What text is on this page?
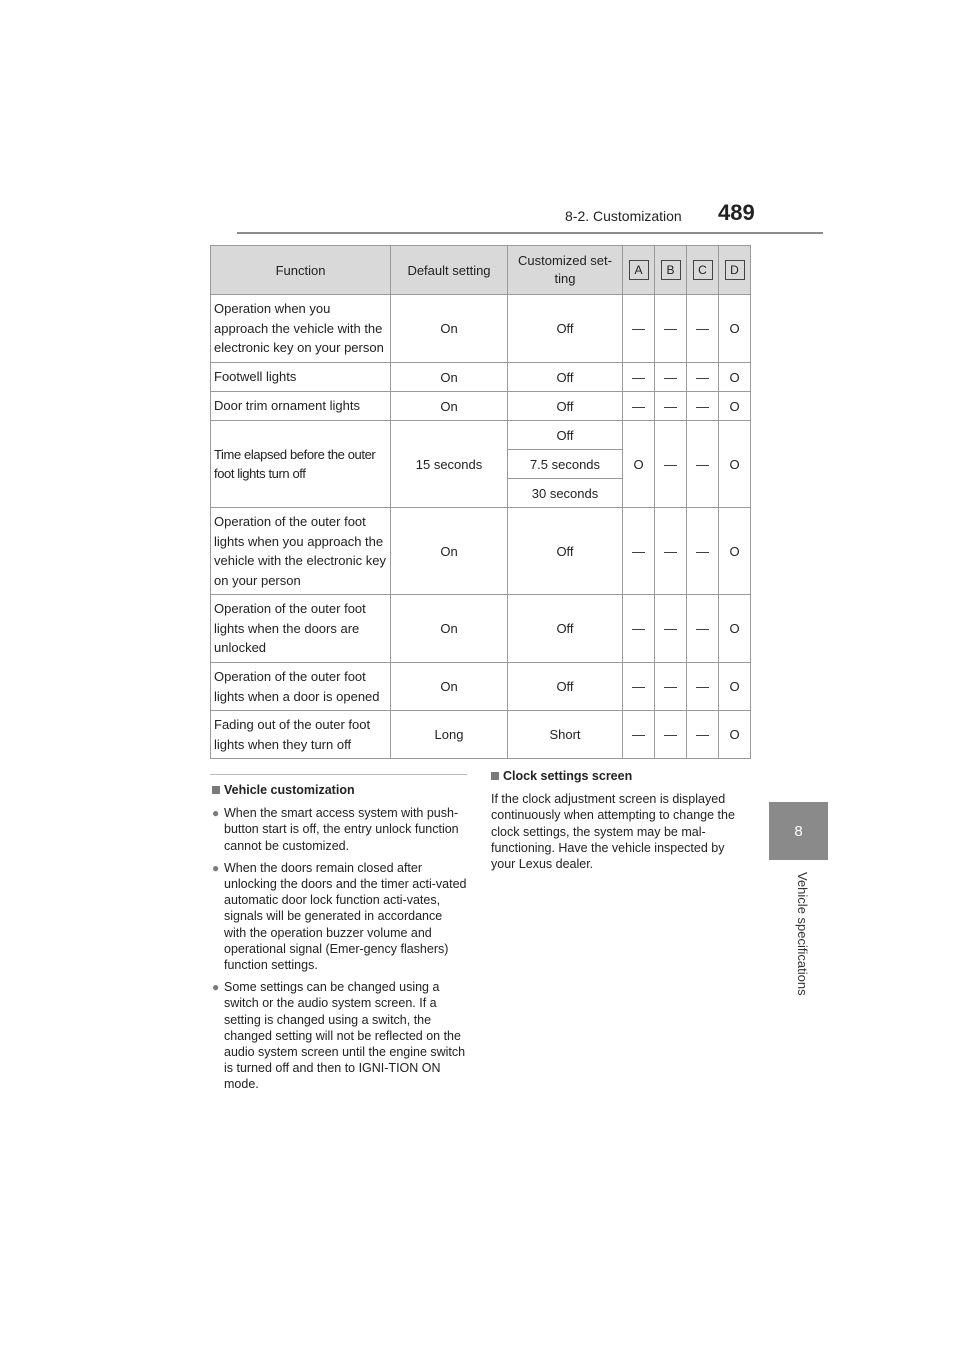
8-2. Customization 489
8
Vehicle specifications
Function	Default setting	Customized set-
ting	A	B	C	D
Operation when you approach the vehicle with the electronic key on your person	On	Off	—	—	—	O
Footwell lights	On	Off	—	—	—	O
Door trim ornament lights	On	Off	—	—	—	O
Time elapsed before the outer foot lights turn off	15 seconds	Off	O	—	—	O
		7.5 seconds				
		30 seconds				
Operation of the outer foot lights when you approach the vehicle with the electronic key on your person	On	Off	—	—	—	O
Operation of the outer foot lights when the doors are unlocked	On	Off	—	—	—	O
Operation of the outer foot lights when a door is opened	On	Off	—	—	—	O
Fading out of the outer foot lights when they turn off	Long	Short	—	—	—	O
Vehicle customization
● When the smart access system with push-button start is off, the entry unlock function cannot be customized.
● When the doors remain closed after unlocking the doors and the timer acti-vated automatic door lock function acti-vates, signals will be generated in accordance with the operation buzzer volume and operational signal (Emer-gency flashers) function settings.
● Some settings can be changed using a switch or the audio system screen. If a setting is changed using a switch, the changed setting will not be reflected on the audio system screen until the engine switch is turned off and then to IGNI-TION ON mode.
Clock settings screen

If the clock adjustment screen is displayed continuously when attempting to change the clock settings, the system may be mal-functioning. Have the vehicle inspected by your Lexus dealer.
